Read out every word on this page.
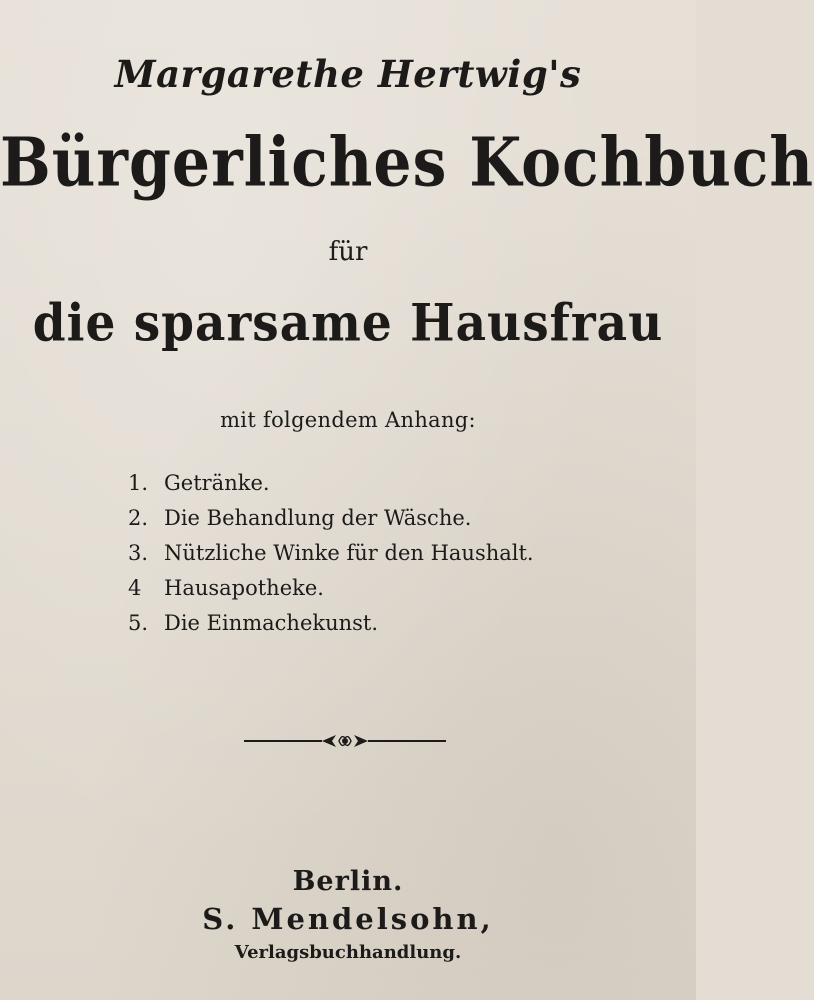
Margarethe Hertwig's
Bürgerliches Kochbuch
für
die sparsame Hausfrau
mit folgendem Anhang:
1. Getränke.
2. Die Behandlung der Wäsche.
3. Nützliche Winke für den Haushalt.
4 Hausapotheke.
5. Die Einmachekunst.
Berlin.
S. Mendelsohn,
Verlagsbuchhandlung.
